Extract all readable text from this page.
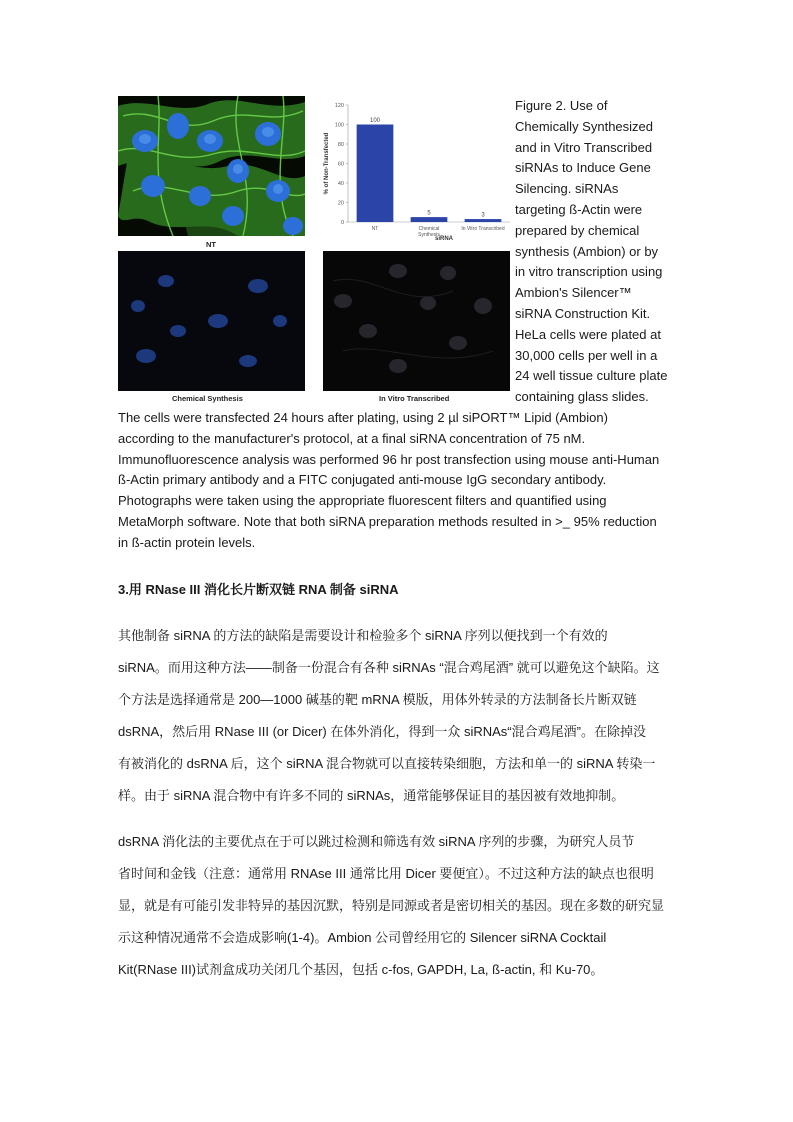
NT
Chemical Synthesis	In Vitro Transcribed
0
20
40
60
80
100
120
% of Non-Transfected
100
NT
5
Chemical
Synthesis
3
In Vitro Transcribed
siRNA
Figure 2. Use of
Chemically Synthesized
and in Vitro Transcribed
siRNAs to Induce Gene
Silencing. siRNAs
targeting ß-Actin were
prepared by chemical
synthesis (Ambion) or by
in vitro transcription using
Ambion's Silencer™
siRNA Construction Kit.
HeLa cells were plated at
30,000 cells per well in a
24 well tissue culture plate
containing glass slides.
The cells were transfected 24 hours after plating, using 2 µl siPORT™ Lipid (Ambion)
according to the manufacturer's protocol, at a final siRNA concentration of 75 nM.
Immunofluorescence analysis was performed 96 hr post transfection using mouse anti-Human
ß-Actin primary antibody and a FITC conjugated anti-mouse IgG secondary antibody.
Photographs were taken using the appropriate fluorescent filters and quantified using
MetaMorph software. Note that both siRNA preparation methods resulted in >_ 95% reduction
in ß-actin protein levels.
3.用 RNase III 消化长片断双链 RNA 制备 siRNA
其他制备 siRNA 的方法的缺陷是需要设计和检验多个 siRNA 序列以便找到一个有效的
siRNA。而用这种方法——制备一份混合有各种 siRNAs “混合鸡尾酒” 就可以避免这个缺陷。这
个方法是选择通常是 200—1000 碱基的靶 mRNA 模版，用体外转录的方法制备长片断双链
dsRNA，然后用 RNase III (or Dicer) 在体外消化，得到一众 siRNAs“混合鸡尾酒”。在除掉没
有被消化的 dsRNA 后，这个 siRNA 混合物就可以直接转染细胞，方法和单一的 siRNA 转染一
样。由于 siRNA 混合物中有许多不同的 siRNAs，通常能够保证目的基因被有效地抑制。
dsRNA 消化法的主要优点在于可以跳过检测和筛选有效 siRNA 序列的步骤，为研究人员节
省时间和金钱（注意：通常用 RNAse III 通常比用 Dicer 要便宜）。不过这种方法的缺点也很明
显，就是有可能引发非特异的基因沉默，特别是同源或者是密切相关的基因。现在多数的研究显
示这种情况通常不会造成影响(1-4)。Ambion 公司曾经用它的 Silencer siRNA Cocktail
Kit(RNase III)试剂盒成功关闭几个基因，包括 c-fos, GAPDH, La, ß-actin, 和 Ku-70。
